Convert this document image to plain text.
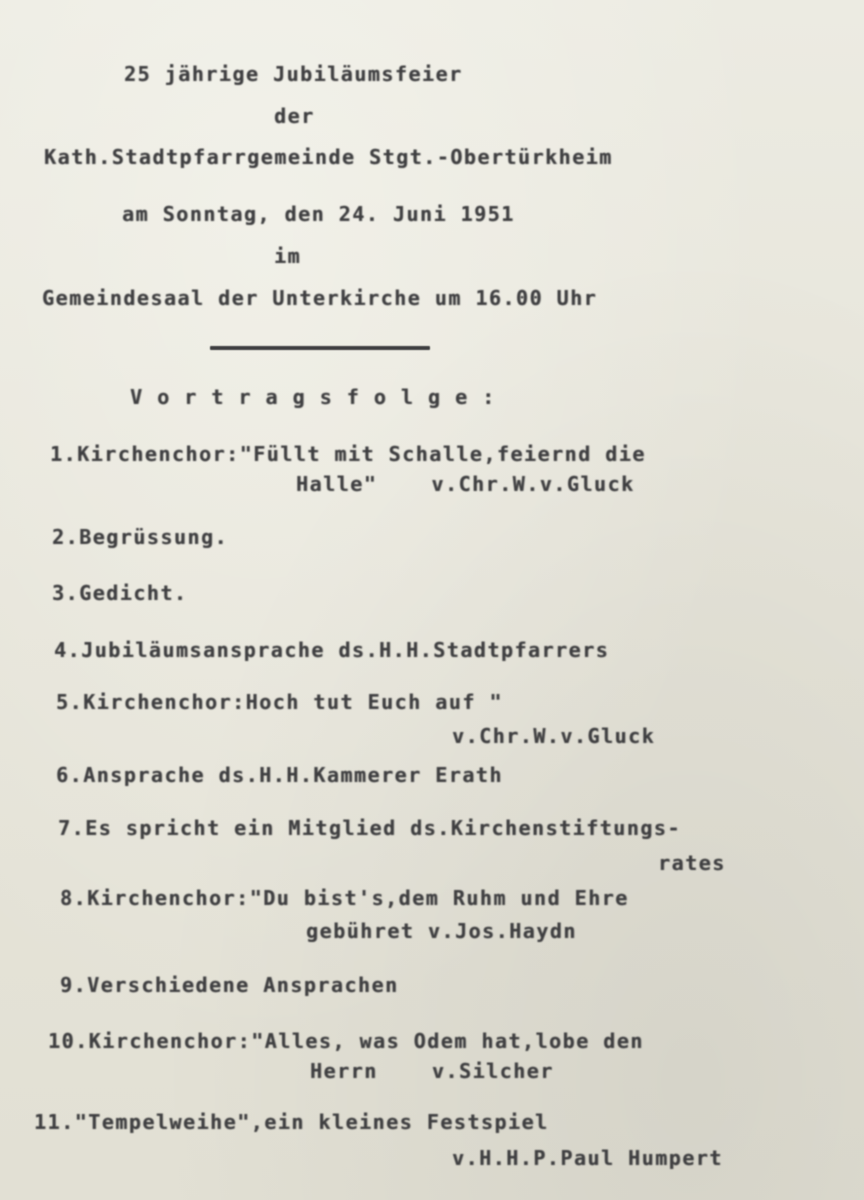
25 jährige Jubiläumsfeier
der
Kath.Stadtpfarrgemeinde Stgt.-Obertürkheim
am Sonntag, den 24. Juni 1951
im
Gemeindesaal der Unterkirche um 16.00 Uhr
V o r t r a g s f o l g e :
1.Kirchenchor:"Füllt mit Schalle,feiernd die
Halle"    v.Chr.W.v.Gluck
2.Begrüssung.
3.Gedicht.
4.Jubiläumsansprache ds.H.H.Stadtpfarrers
5.Kirchenchor:Hoch tut Euch auf "
v.Chr.W.v.Gluck
6.Ansprache ds.H.H.Kammerer Erath
7.Es spricht ein Mitglied ds.Kirchenstiftungs-
rates
8.Kirchenchor:"Du bist's,dem Ruhm und Ehre
gebühret v.Jos.Haydn
9.Verschiedene Ansprachen
10.Kirchenchor:"Alles, was Odem hat,lobe den
Herrn    v.Silcher
11."Tempelweihe",ein kleines Festspiel
v.H.H.P.Paul Humpert
